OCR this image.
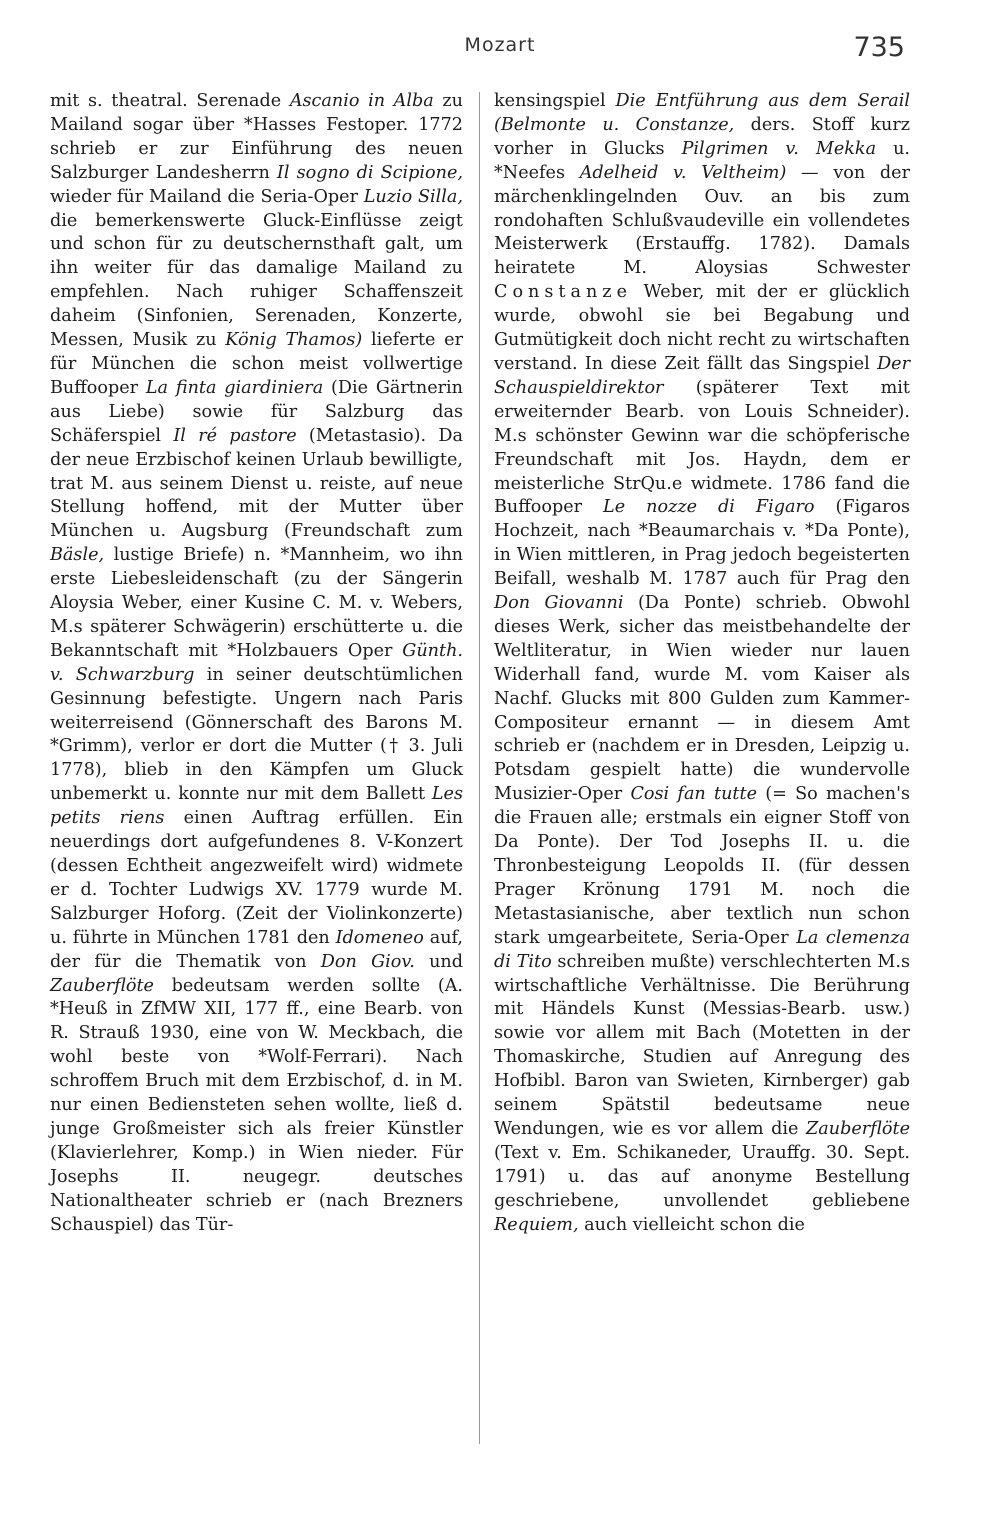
Mozart	735

mit s. theatral. Serenade Ascanio in Alba zu Mailand sogar über *Hasses Festoper. 1772 schrieb er zur Einführung des neuen Salzburger Landesherrn Il sogno di Scipione, wieder für Mailand die Seria-Oper Luzio Silla, die bemerkenswerte Gluck-Einflüsse zeigt und schon für zu deutschernsthaft galt, um ihn weiter für das damalige Mailand zu empfehlen. Nach ruhiger Schaffenszeit daheim (Sinfonien, Serenaden, Konzerte, Messen, Musik zu König Thamos) lieferte er für München die schon meist vollwertige Buffooper La finta giardiniera (Die Gärtnerin aus Liebe) sowie für Salzburg das Schäferspiel Il ré pastore (Metastasio). Da der neue Erzbischof keinen Urlaub bewilligte, trat M. aus seinem Dienst u. reiste, auf neue Stellung hoffend, mit der Mutter über München u. Augsburg (Freundschaft zum Bäsle, lustige Briefe) n. *Mannheim, wo ihn erste Liebesleidenschaft (zu der Sängerin Aloysia Weber, einer Kusine C. M. v. Webers, M.s späterer Schwägerin) erschütterte u. die Bekanntschaft mit *Holzbauers Oper Günth. v. Schwarzburg in seiner deutschtümlichen Gesinnung befestigte. Ungern nach Paris weiterreisend (Gönnerschaft des Barons M. *Grimm), verlor er dort die Mutter († 3. Juli 1778), blieb in den Kämpfen um Gluck unbemerkt u. konnte nur mit dem Ballett Les petits riens einen Auftrag erfüllen. Ein neuerdings dort aufgefundenes 8. V-Konzert (dessen Echtheit angezweifelt wird) widmete er d. Tochter Ludwigs XV. 1779 wurde M. Salzburger Hoforg. (Zeit der Violinkonzerte) u. führte in München 1781 den Idomeneo auf, der für die Thematik von Don Giov. und Zauberflöte bedeutsam werden sollte (A. *Heuß in ZfMW XII, 177 ff., eine Bearb. von R. Strauß 1930, eine von W. Meckbach, die wohl beste von *Wolf-Ferrari). Nach schroffem Bruch mit dem Erzbischof, d. in M. nur einen Bediensteten sehen wollte, ließ d. junge Großmeister sich als freier Künstler (Klavierlehrer, Komp.) in Wien nieder. Für Josephs II. neugegr. deutsches Nationaltheater schrieb er (nach Brezners Schauspiel) das Tür-

kensingspiel Die Entführung aus dem Serail (Belmonte u. Constanze, ders. Stoff kurz vorher in Glucks Pilgrimen v. Mekka u. *Neefes Adelheid v. Veltheim) — von der märchenklingelnden Ouv. an bis zum rondohaften Schlußvaudeville ein vollendetes Meisterwerk (Erstauffg. 1782). Damals heiratete M. Aloysias Schwester Constanze Weber, mit der er glücklich wurde, obwohl sie bei Begabung und Gutmütigkeit doch nicht recht zu wirtschaften verstand. In diese Zeit fällt das Singspiel Der Schauspieldirektor (späterer Text mit erweiternder Bearb. von Louis Schneider). M.s schönster Gewinn war die schöpferische Freundschaft mit Jos. Haydn, dem er meisterliche StrQu.e widmete. 1786 fand die Buffooper Le nozze di Figaro (Figaros Hochzeit, nach *Beaumarchais v. *Da Ponte), in Wien mittleren, in Prag jedoch begeisterten Beifall, weshalb M. 1787 auch für Prag den Don Giovanni (Da Ponte) schrieb. Obwohl dieses Werk, sicher das meistbehandelte der Weltliteratur, in Wien wieder nur lauen Widerhall fand, wurde M. vom Kaiser als Nachf. Glucks mit 800 Gulden zum Kammer-Compositeur ernannt — in diesem Amt schrieb er (nachdem er in Dresden, Leipzig u. Potsdam gespielt hatte) die wundervolle Musizier-Oper Cosi fan tutte (= So machen's die Frauen alle; erstmals ein eigner Stoff von Da Ponte). Der Tod Josephs II. u. die Thronbesteigung Leopolds II. (für dessen Prager Krönung 1791 M. noch die Metastasianische, aber textlich nun schon stark umgearbeitete, Seria-Oper La clemenza di Tito schreiben mußte) verschlechterten M.s wirtschaftliche Verhältnisse. Die Berührung mit Händels Kunst (Messias-Bearb. usw.) sowie vor allem mit Bach (Motetten in der Thomaskirche, Studien auf Anregung des Hofbibl. Baron van Swieten, Kirnberger) gab seinem Spätstil bedeutsame neue Wendungen, wie es vor allem die Zauberflöte (Text v. Em. Schikaneder, Urauffg. 30. Sept. 1791) u. das auf anonyme Bestellung geschriebene, unvollendet gebliebene Requiem, auch vielleicht schon die
